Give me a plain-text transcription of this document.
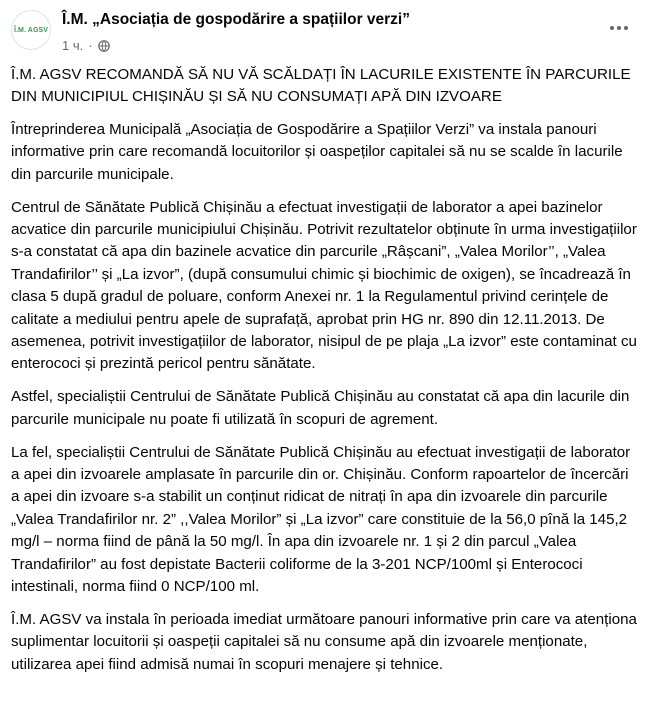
Î.M. AGSV
Î.M. „Asociația de gospodărire a spațiilor verzi”
1 ч. ·

Î.M. AGSV RECOMANDĂ SĂ NU VĂ SCĂLDAȚI ÎN LACURILE EXISTENTE ÎN PARCURILE DIN MUNICIPIUL CHIȘINĂU ȘI SĂ NU CONSUMAȚI APĂ DIN IZVOARE

Întreprinderea Municipală „Asociația de Gospodărire a Spațiilor Verzi” va instala panouri informative prin care recomandă locuitorilor și oaspeților capitalei să nu se scalde în lacurile din parcurile municipale.

Centrul de Sănătate Publică Chișinău a efectuat investigații de laborator a apei bazinelor acvatice din parcurile municipiului Chișinău. Potrivit rezultatelor obținute în urma investigațiilor s-a constatat că apa din bazinele acvatice din parcurile „Râșcani”, „Valea Morilor’’, „Valea Trandafirilor’’ și „La izvor”, (după consumului chimic și biochimic de oxigen), se încadrează în clasa 5 după gradul de poluare, conform Anexei nr. 1 la Regulamentul privind cerințele de calitate a mediului pentru apele de suprafață, aprobat prin HG nr. 890 din 12.11.2013. De asemenea, potrivit investigațiilor de laborator, nisipul de pe plaja „La izvor” este contaminat cu enterococi și prezintă pericol pentru sănătate.

Astfel, specialiștii Centrului de Sănătate Publică Chișinău au constatat că apa din lacurile din parcurile municipale nu poate fi utilizată în scopuri de agrement.

La fel, specialiștii Centrului de Sănătate Publică Chișinău au efectuat investigații de laborator a apei din izvoarele amplasate în parcurile din or. Chișinău. Conform rapoartelor de încercări a apei din izvoare s-a stabilit un conținut ridicat de nitrați în apa din izvoarele din parcurile „Valea Trandafirilor nr. 2” ,,Valea Morilor” și „La izvor” care constituie de la 56,0 pînă la 145,2 mg/l – norma fiind de până la 50 mg/l. În apa din izvoarele nr. 1 și 2 din parcul „Valea Trandafirilor” au fost depistate Bacterii coliforme de la 3-201 NCP/100ml și Enterococi intestinali, norma fiind 0 NCP/100 ml.

Î.M. AGSV va instala în perioada imediat următoare panouri informative prin care va atenționa suplimentar locuitorii și oaspeții capitalei să nu consume apă din izvoarele menționate, utilizarea apei fiind admisă numai în scopuri menajere și tehnice.
